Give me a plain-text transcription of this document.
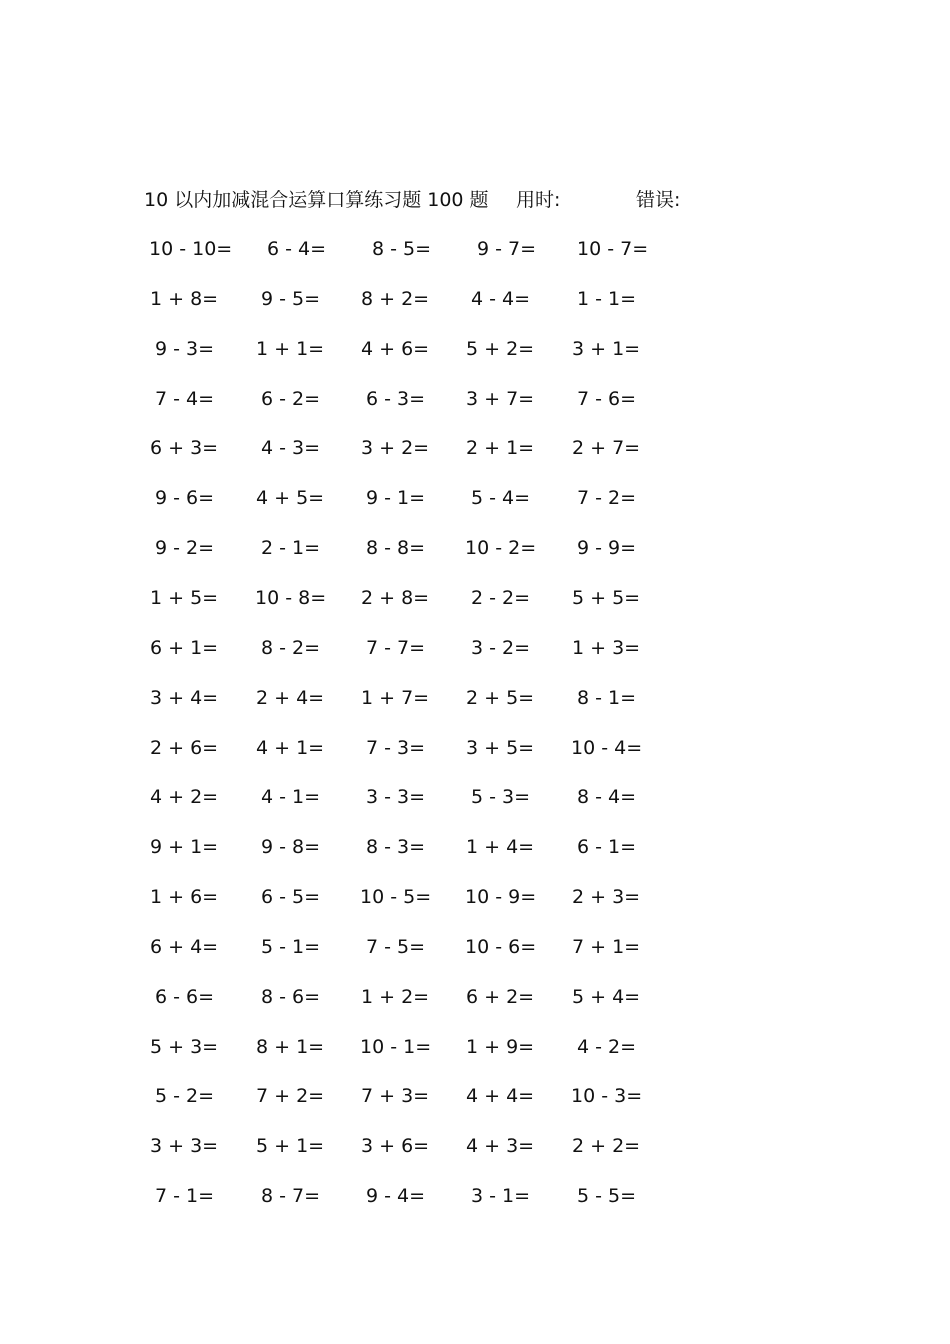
10 以内加减混合运算口算练习题 100 题 用时:	错误:
10 - 10= 6 - 4= 8 - 5= 9 - 7= 10 - 7=
1 + 8= 9 - 5= 8 + 2= 4 - 4= 1 - 1=
9 - 3= 1 + 1= 4 + 6= 5 + 2= 3 + 1=
7 - 4= 6 - 2= 6 - 3= 3 + 7= 7 - 6=
6 + 3= 4 - 3= 3 + 2= 2 + 1= 2 + 7=
9 - 6= 4 + 5= 9 - 1= 5 - 4= 7 - 2=
9 - 2= 2 - 1= 8 - 8= 10 - 2= 9 - 9=
1 + 5= 10 - 8= 2 + 8= 2 - 2= 5 + 5=
6 + 1= 8 - 2= 7 - 7= 3 - 2= 1 + 3=
3 + 4= 2 + 4= 1 + 7= 2 + 5= 8 - 1=
2 + 6= 4 + 1= 7 - 3= 3 + 5= 10 - 4=
4 + 2= 4 - 1= 3 - 3= 5 - 3= 8 - 4=
9 + 1= 9 - 8= 8 - 3= 1 + 4= 6 - 1=
1 + 6= 6 - 5= 10 - 5= 10 - 9= 2 + 3=
6 + 4= 5 - 1= 7 - 5= 10 - 6= 7 + 1=
6 - 6= 8 - 6= 1 + 2= 6 + 2= 5 + 4=
5 + 3= 8 + 1= 10 - 1= 1 + 9= 4 - 2=
5 - 2= 7 + 2= 7 + 3= 4 + 4= 10 - 3=
3 + 3= 5 + 1= 3 + 6= 4 + 3= 2 + 2=
7 - 1= 8 - 7= 9 - 4= 3 - 1= 5 - 5=
